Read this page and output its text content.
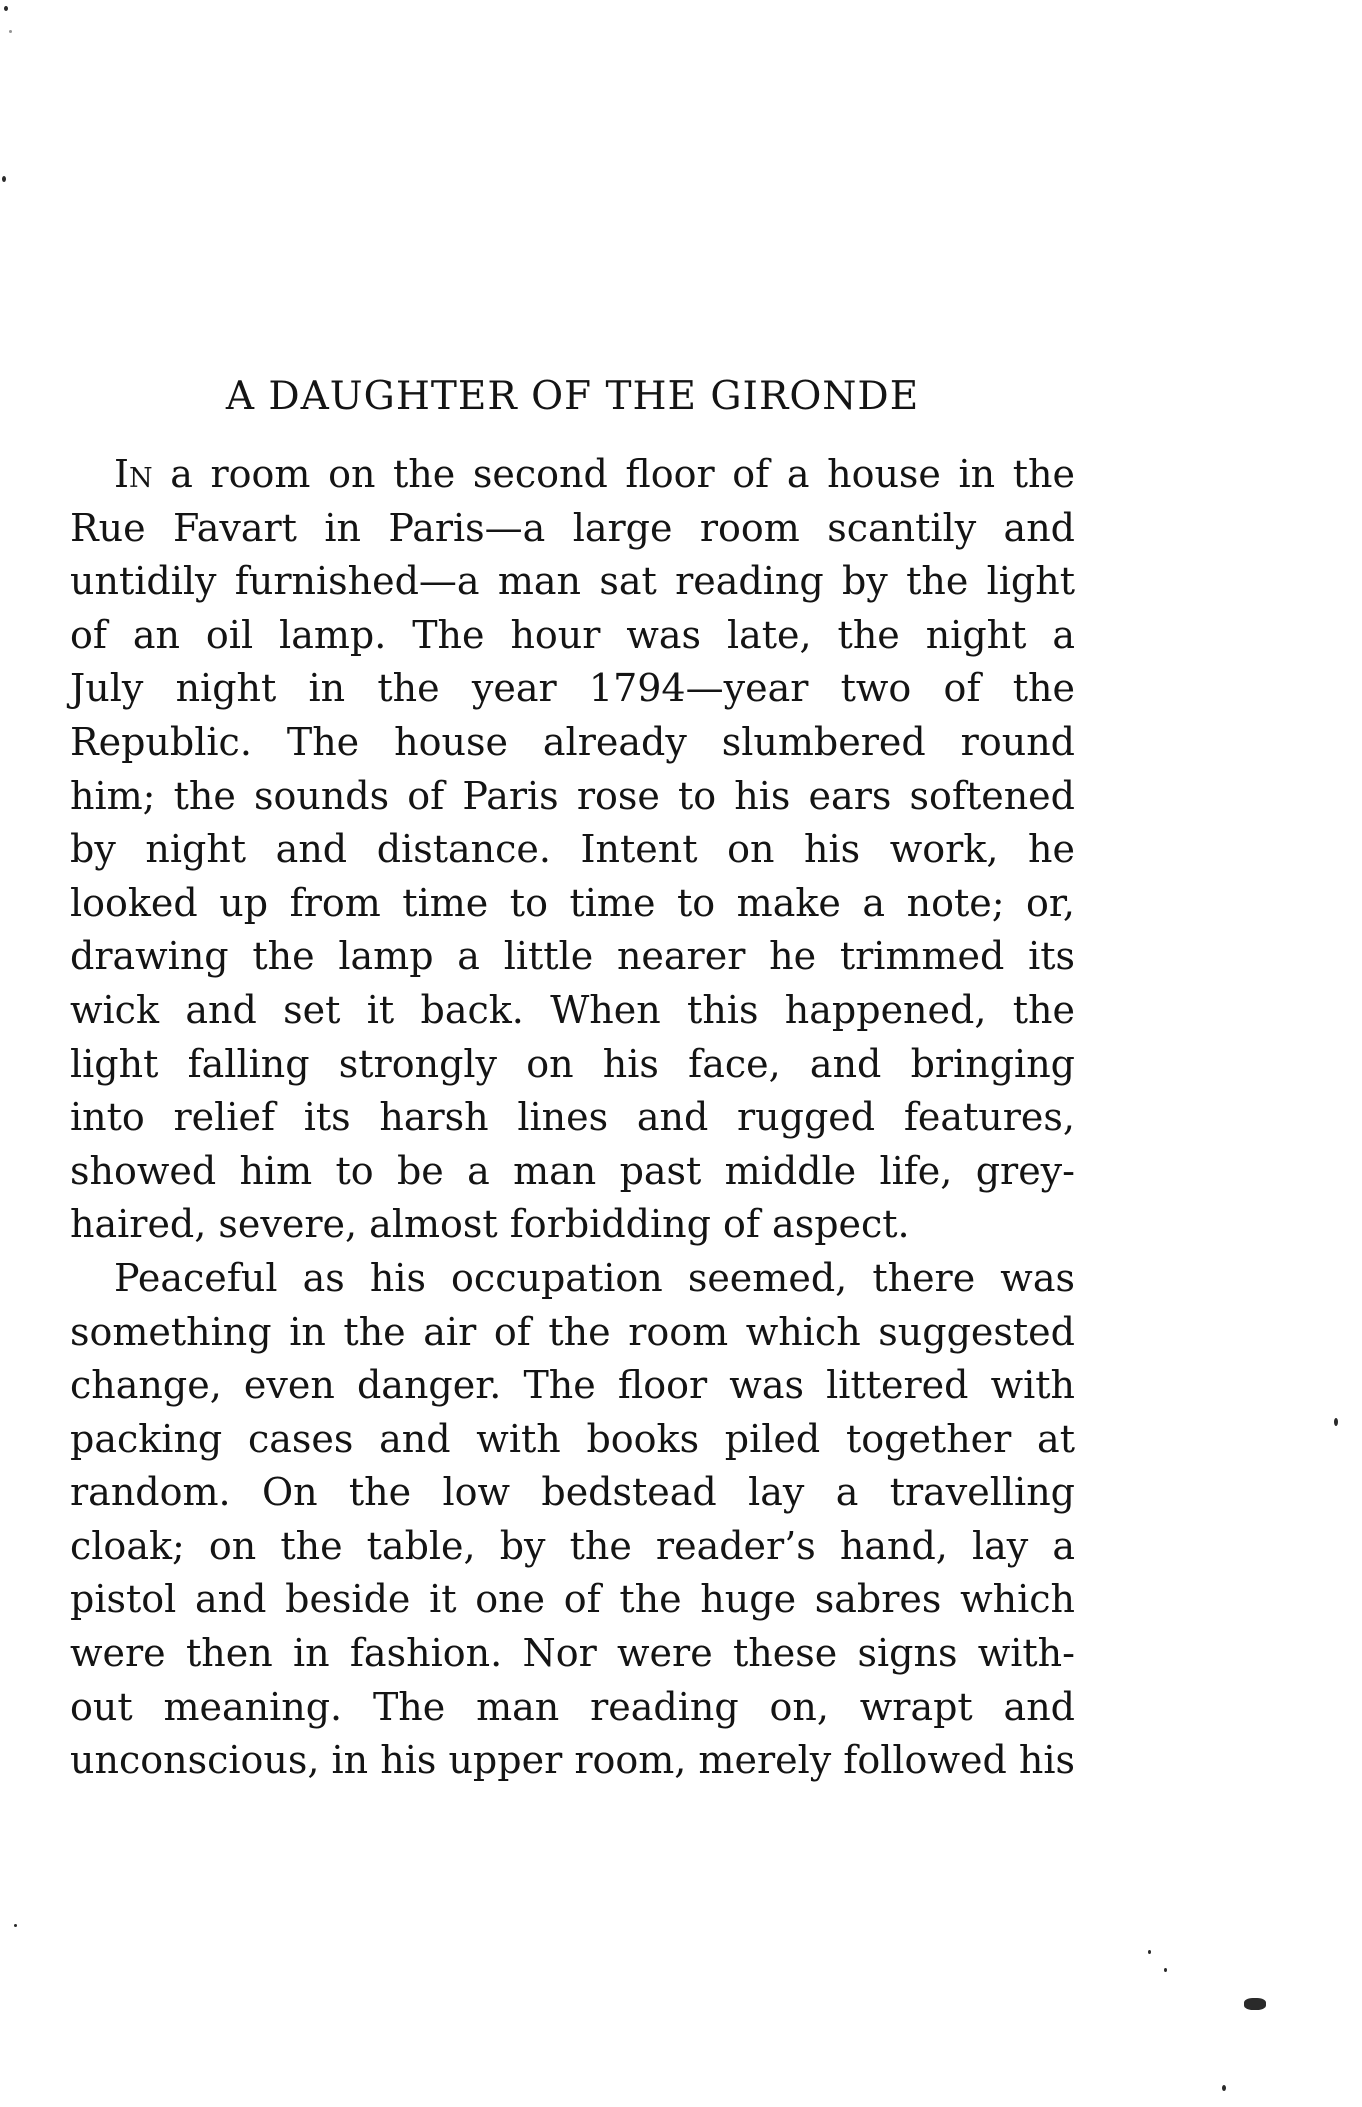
A DAUGHTER OF THE GIRONDE
In a room on the second floor of a house in the
Rue Favart in Paris—a large room scantily and
untidily furnished—a man sat reading by the light
of an oil lamp. The hour was late, the night a
July night in the year 1794—year two of the
Republic. The house already slumbered round
him; the sounds of Paris rose to his ears softened
by night and distance. Intent on his work, he
looked up from time to time to make a note; or,
drawing the lamp a little nearer he trimmed its
wick and set it back. When this happened, the
light falling strongly on his face, and bringing
into relief its harsh lines and rugged features,
showed him to be a man past middle life, grey-
haired, severe, almost forbidding of aspect.
Peaceful as his occupation seemed, there was
something in the air of the room which suggested
change, even danger. The floor was littered with
packing cases and with books piled together at
random. On the low bedstead lay a travelling
cloak; on the table, by the reader’s hand, lay a
pistol and beside it one of the huge sabres which
were then in fashion. Nor were these signs with-
out meaning. The man reading on, wrapt and
unconscious, in his upper room, merely followed his
